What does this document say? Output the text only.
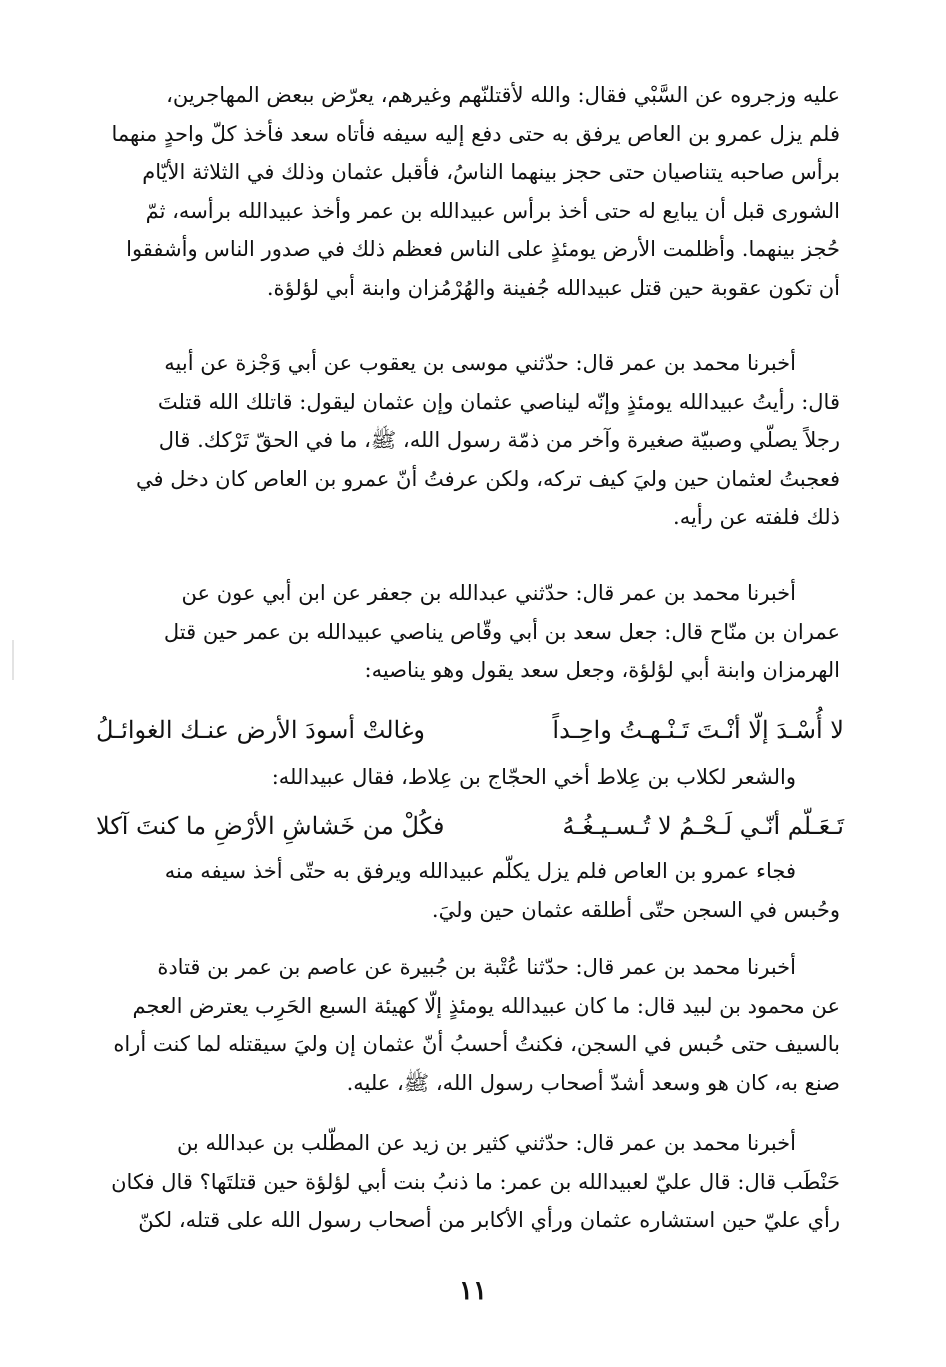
عليه وزجروه عن السَّبْي فقال: والله لأقتلنّهم وغيرهم، يعرّض ببعض المهاجرين،
فلم يزل عمرو بن العاص يرفق به حتى دفع إليه سيفه فأتاه سعد فأخذ كلّ واحدٍ منهما
برأس صاحبه يتناصيان حتى حجز بينهما الناسُ، فأقبل عثمان وذلك في الثلاثة الأيّام
الشورى قبل أن يبايع له حتى أخذ برأس عبيدالله بن عمر وأخذ عبيدالله برأسه، ثمّ
حُجز بينهما. وأظلمت الأرض يومئذٍ على الناس فعظم ذلك في صدور الناس وأشفقوا
أن تكون عقوبة حين قتل عبيدالله جُفينة والهُرْمُزان وابنة أبي لؤلؤة.
أخبرنا محمد بن عمر قال: حدّثني موسى بن يعقوب عن أبي وَجْزة عن أبيه
قال: رأيتُ عبيدالله يومئذٍ وإنّه ليناصي عثمان وإن عثمان ليقول: قاتلك الله قتلتَ
رجلاً يصلّي وصبيّة صغيرة وآخر من ذمّة رسول الله، ﷺ، ما في الحقّ تَرْكك. قال
فعجبتُ لعثمان حين وليَ كيف تركه، ولكن عرفتُ أنّ عمرو بن العاص كان دخل في
ذلك فلفته عن رأيه.
أخبرنا محمد بن عمر قال: حدّثني عبدالله بن جعفر عن ابن أبي عون عن
عمران بن منّاح قال: جعل سعد بن أبي وقّاص يناصي عبيدالله بن عمر حين قتل
الهرمزان وابنة أبي لؤلؤة، وجعل سعد يقول وهو يناصيه:
لا أُسْـدَ إلّا أنْـتَ تَـنْـهـتُ واحِـداً
وغالتْ أسودَ الأرض عنـك الغوائـلُ
والشعر لكلاب بن عِلاط أخي الحجّاج بن عِلاط، فقال عبيدالله:
تَـعَـلّم أنّـي لَـحْـمُ لا تُـسـيـغُـهُ
فكُلْ من خَشاشِ الأرْضِ ما كنتَ آكلا
فجاء عمرو بن العاص فلم يزل يكلّم عبيدالله ويرفق به حتّى أخذ سيفه منه
وحُبس في السجن حتّى أطلقه عثمان حين وليَ.
أخبرنا محمد بن عمر قال: حدّثنا عُتْبة بن جُبيرة عن عاصم بن عمر بن قتادة
عن محمود بن لبيد قال: ما كان عبيدالله يومئذٍ إلّا كهيئة السبع الحَرِب يعترض العجم
بالسيف حتى حُبس في السجن، فكنتُ أحسبُ أنّ عثمان إن وليَ سيقتله لما كنت أراه
صنع به، كان هو وسعد أشدّ أصحاب رسول الله، ﷺ، عليه.
أخبرنا محمد بن عمر قال: حدّثني كثير بن زيد عن المطّلب بن عبدالله بن
حَنْطَب قال: قال عليّ لعبيدالله بن عمر: ما ذنبُ بنت أبي لؤلؤة حين قتلتَها؟ قال فكان
رأي عليّ حين استشاره عثمان ورأي الأكابر من أصحاب رسول الله على قتله، لكنّ
١١
